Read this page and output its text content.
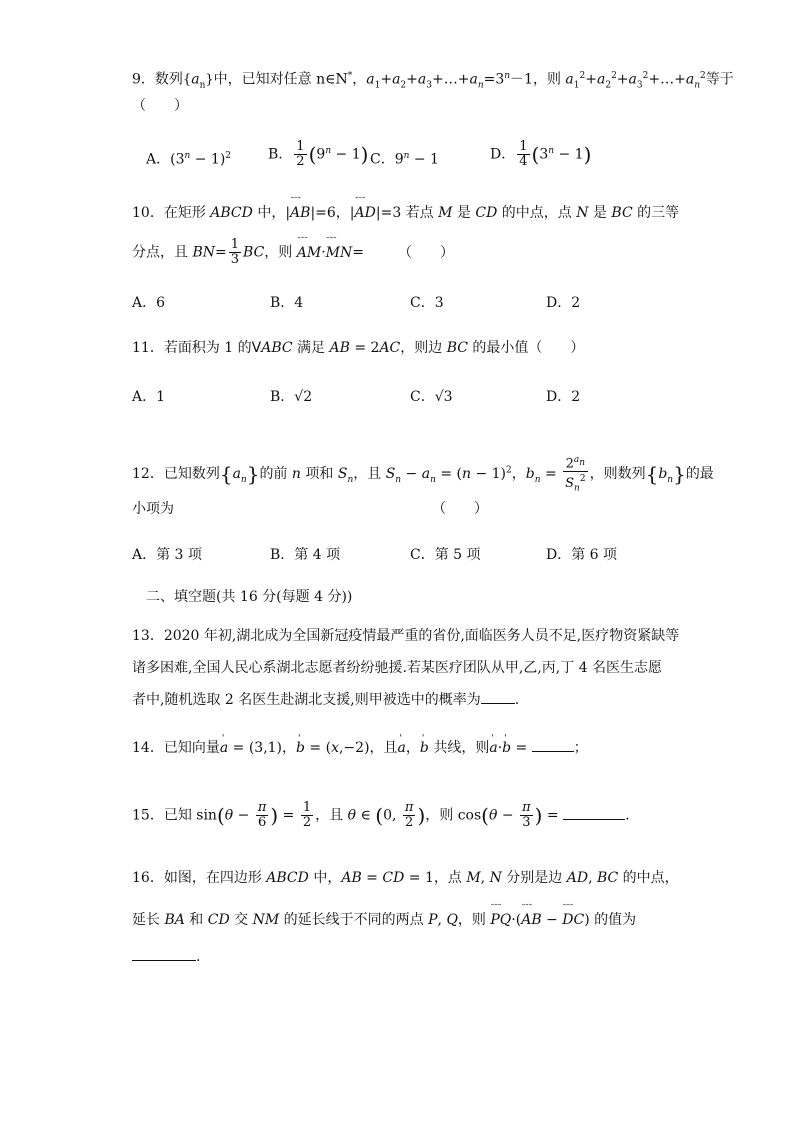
9．数列$\{a_n\}$中，已知对任意 n∈N*，$a_1+a_2+a_3+\dots+a_n=3^n-1$，则 $a_1^2+a_2^2+a_3^2+\dots+a_n^2$等于
（　　）
A．$(3^n - 1)^2$	B． $\frac{1}{2} (9^n - 1)$ C．$9^n - 1$	D． $\frac{1}{4} (3^n - 1)$
10．在矩形 ABCD 中，|˘˘˘ AB|=6，|˘˘˘ AD|=3 若点 M 是 CD 的中点，点 N 是 BC 的三等
分点，且 $BN= \frac{1}{3}$ BC，则 ˘˘˘ AM·˘˘˘ MN= （　　）
A．6	B．4	C．3	D．2
11．若面积为 1 的VABC 满足 AB = 2AC，则边 BC 的最小值（　　）
A．1	B．√2	C．√3	D．2
12．已知数列$\{a_n\}$的前 n 项和 $S_n$，且 $S_n - a_n = (n - 1)^2$，$b_n = \frac{2^{a_n}}{S_n^2}$ ，则数列$\{b_n\}$的最
小项为	（　　）
A．第 3 项	B．第 4 项	C．第 5 项	D．第 6 项
二、填空题(共 16 分(每题 4 分))
13．2020 年初,湖北成为全国新冠疫情最严重的省份,面临医务人员不足,医疗物资紧缺等
诸多困难,全国人民心系湖北志愿者纷纷驰援.若某医疗团队从甲,乙,丙,丁 4 名医生志愿
者中,随机选取 2 名医生赴湖北支援,则甲被选中的概率为 .
14．已知向量' a = (3,1)，' b = (x,−2)，且' a，' b 共线，则' a·' b =	；
15．已知 $\sin(\theta - \frac{\pi}{6}$ ) = $\frac{1}{2}$ ，且 θ ∈ (0, $\frac{\pi}{2}$ )，则 $\cos(\theta - \frac{\pi}{3}$ ) =	.
16．如图，在四边形 ABCD 中，AB = CD = 1，点 M, N 分别是边 AD, BC 的中点，
延长 BA 和 CD 交 NM 的延长线于不同的两点 P, Q，则 ˘˘˘ PQ·(˘˘˘ AB − ˘˘˘ DC) 的值为
.
